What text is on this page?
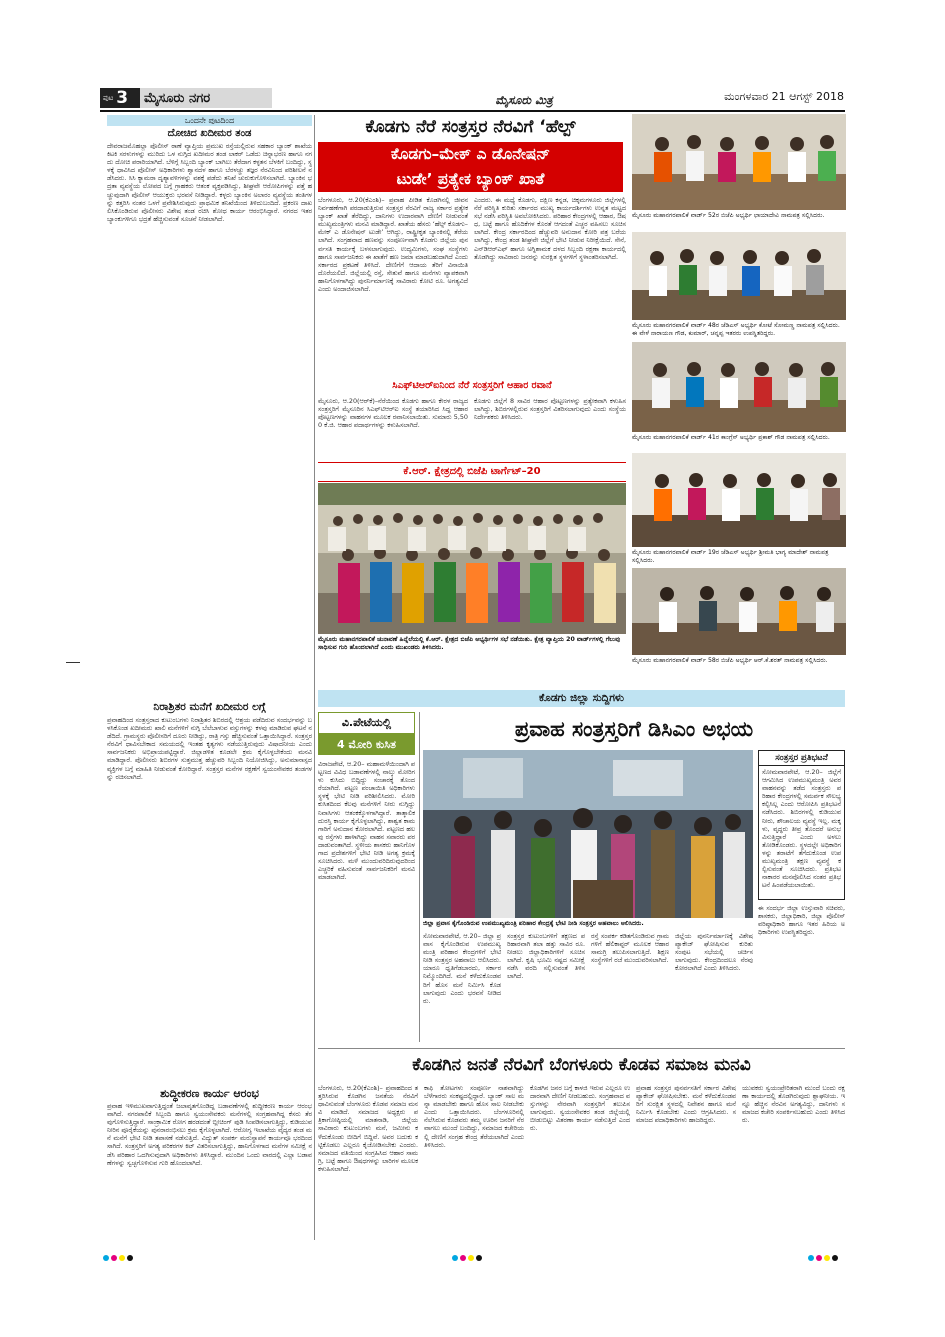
ಪುಟ 3 ಮೈಸೂರು ನಗರ	ಮೈಸೂರು ಮಿತ್ರ	ಮಂಗಳವಾರ 21 ಆಗಸ್ಟ್ 2018
ಒಂದನೇ ಪುಟದಿಂದ
ದೋಚಿದ ಖದೀಮರ ತಂಡ
ದೇವರಾಜಮೊಹಲ್ಲಾ ಪೊಲೀಸ್ ಠಾಣೆ ವ್ಯಾಪ್ತಿಯ ಪ್ರಮುಖ ರಸ್ತೆಯಲ್ಲಿರುವ ಸಹಕಾರ ಬ್ಯಾಂಕ್ ಶಾಖೆಯ ಕಿಟಕಿ ಸರಳುಗಳನ್ನು ಮುರಿದು ಒಳ ನುಗ್ಗಿದ ಖದೀಮರ ತಂಡ ಲಾಕರ್ ಒಡೆದು ಚಿನ್ನಾಭರಣ ಹಾಗೂ ನಗದು ದೋಚಿ ಪರಾರಿಯಾಗಿದೆ. ಬೆಳಿಗ್ಗೆ ಸಿಬ್ಬಂದಿ ಬ್ಯಾಂಕ್ ಬಾಗಿಲು ತೆರೆದಾಗ ಕಳ್ಳತನ ಬೆಳಕಿಗೆ ಬಂದಿದ್ದು, ಸ್ಥಳಕ್ಕೆ ಧಾವಿಸಿದ ಪೊಲೀಸ್ ಅಧಿಕಾರಿಗಳು ಶ್ವಾನದಳ ಹಾಗೂ ಬೆರಳಚ್ಚು ತಜ್ಞರ ನೆರವಿನಿಂದ ಪರಿಶೀಲನೆ ನಡೆಸಿದರು. ಸಿಸಿ ಕ್ಯಾಮರಾ ದೃಶ್ಯಾವಳಿಗಳನ್ನು ವಶಕ್ಕೆ ಪಡೆದು ತನಿಖೆ ಚುರುಕುಗೊಳಿಸಲಾಗಿದೆ. ಬ್ಯಾಂಕಿನ ಭದ್ರತಾ ವ್ಯವಸ್ಥೆಯ ಲೋಪದ ಬಗ್ಗೆ ಗ್ರಾಹಕರು ಆತಂಕ ವ್ಯಕ್ತಪಡಿಸಿದ್ದು, ಶೀಘ್ರವೇ ಆರೋಪಿಗಳನ್ನು ಪತ್ತೆ ಹಚ್ಚುವುದಾಗಿ ಪೊಲೀಸ್ ಆಯುಕ್ತರು ಭರವಸೆ ನೀಡಿದ್ದಾರೆ. ಕಳ್ಳರು ಬ್ಯಾಂಕಿನ ಅಲಾರಂ ವ್ಯವಸ್ಥೆಯ ತಂತಿಗಳನ್ನು ಕತ್ತರಿಸಿ ನಂತರ ಒಳಗೆ ಪ್ರವೇಶಿಸಿರುವುದು ಪ್ರಾಥಮಿಕ ತನಿಖೆಯಿಂದ ತಿಳಿದುಬಂದಿದೆ. ಪ್ರಕರಣ ದಾಖಲಿಸಿಕೊಂಡಿರುವ ಪೊಲೀಸರು ವಿಶೇಷ ತಂಡ ರಚಿಸಿ ಶೋಧ ಕಾರ್ಯ ಆರಂಭಿಸಿದ್ದಾರೆ. ನಗರದ ಇತರ ಬ್ಯಾಂಕುಗಳಿಗೂ ಭದ್ರತೆ ಹೆಚ್ಚಿಸುವಂತೆ ಸೂಚನೆ ನೀಡಲಾಗಿದೆ.
ನಿರಾಶ್ರಿತರ ಮನೆಗೆ ಖದೀಮರ ಲಗ್ಗೆ
ಪ್ರವಾಹದಿಂದ ಸಂತ್ರಸ್ತರಾದ ಕುಟುಂಬಗಳು ನಿರಾಶ್ರಿತರ ಶಿಬಿರದಲ್ಲಿ ಆಶ್ರಯ ಪಡೆದಿರುವ ಸಂದರ್ಭವನ್ನು ಬಳಸಿಕೊಂಡ ಖದೀಮರು ಖಾಲಿ ಮನೆಗಳಿಗೆ ನುಗ್ಗಿ ಬೆಲೆಬಾಳುವ ವಸ್ತುಗಳನ್ನು ಕಳವು ಮಾಡಿರುವ ಘಟನೆ ನಡೆದಿದೆ. ಗ್ರಾಮಸ್ಥರು ಪೊಲೀಸರಿಗೆ ದೂರು ನೀಡಿದ್ದು, ರಾತ್ರಿ ಗಸ್ತು ಹೆಚ್ಚಿಸುವಂತೆ ಒತ್ತಾಯಿಸಿದ್ದಾರೆ. ಸಂತ್ರಸ್ತರ ನೆರವಿಗೆ ಧಾವಿಸಬೇಕಾದ ಸಮಯದಲ್ಲಿ ಇಂತಹ ಕೃತ್ಯಗಳು ನಡೆಯುತ್ತಿರುವುದು ವಿಷಾದನೀಯ ಎಂದು ಸಾರ್ವಜನಿಕರು ಅಭಿಪ್ರಾಯಪಟ್ಟಿದ್ದಾರೆ. ಜಿಲ್ಲಾಡಳಿತ ಕೂಡಲೇ ಕ್ರಮ ಕೈಗೊಳ್ಳಬೇಕೆಂದು ಮನವಿ ಮಾಡಿದ್ದಾರೆ. ಪೊಲೀಸರು ಶಿಬಿರಗಳ ಸುತ್ತಮುತ್ತ ಹೆಚ್ಚುವರಿ ಸಿಬ್ಬಂದಿ ನಿಯೋಜಿಸಿದ್ದು, ಅನುಮಾನಾಸ್ಪದ ವ್ಯಕ್ತಿಗಳ ಬಗ್ಗೆ ಮಾಹಿತಿ ನೀಡುವಂತೆ ಕೋರಿದ್ದಾರೆ. ಸಂತ್ರಸ್ತರ ಮನೆಗಳ ರಕ್ಷಣೆಗೆ ಸ್ವಯಂಸೇವಕರ ತಂಡಗಳನ್ನು ರಚಿಸಲಾಗಿದೆ.
ಶುದ್ಧೀಕರಣ ಕಾರ್ಯ ಆರಂಭ
ಪ್ರವಾಹ ಇಳಿಮುಖವಾಗುತ್ತಿದ್ದಂತೆ ಜಲಾವೃತಗೊಂಡಿದ್ದ ಬಡಾವಣೆಗಳಲ್ಲಿ ಶುದ್ಧೀಕರಣ ಕಾರ್ಯ ಆರಂಭವಾಗಿದೆ. ನಗರಪಾಲಿಕೆ ಸಿಬ್ಬಂದಿ ಹಾಗೂ ಸ್ವಯಂಸೇವಕರು ಮನೆಗಳಲ್ಲಿ ಸಂಗ್ರಹವಾಗಿದ್ದ ಕೆಸರು ತೆರವುಗೊಳಿಸುತ್ತಿದ್ದಾರೆ. ಸಾಂಕ್ರಾಮಿಕ ರೋಗ ಹರಡದಂತೆ ಬ್ಲೀಚಿಂಗ್ ಪುಡಿ ಸಿಂಪಡಿಸಲಾಗುತ್ತಿದ್ದು, ಕುಡಿಯುವ ನೀರಿನ ಪೂರೈಕೆಯನ್ನು ಪುನರಾರಂಭಿಸಲು ಕ್ರಮ ಕೈಗೊಳ್ಳಲಾಗಿದೆ. ಆರೋಗ್ಯ ಇಲಾಖೆಯ ವೈದ್ಯರ ತಂಡ ಮನೆ ಮನೆಗೆ ಭೇಟಿ ನೀಡಿ ತಪಾಸಣೆ ನಡೆಸುತ್ತಿದೆ. ವಿದ್ಯುತ್ ಸಂಪರ್ಕ ಮರುಸ್ಥಾಪನೆ ಕಾರ್ಯವೂ ಭರದಿಂದ ಸಾಗಿದೆ. ಸಂತ್ರಸ್ತರಿಗೆ ಅಗತ್ಯ ಪರಿಕರಗಳ ಕಿಟ್ ವಿತರಿಸಲಾಗುತ್ತಿದ್ದು, ಹಾನಿಗೊಳಗಾದ ಮನೆಗಳ ಸಮೀಕ್ಷೆ ನಡೆಸಿ ಪರಿಹಾರ ಒದಗಿಸುವುದಾಗಿ ಅಧಿಕಾರಿಗಳು ತಿಳಿಸಿದ್ದಾರೆ. ಮುಂದಿನ ಒಂದು ವಾರದಲ್ಲಿ ಎಲ್ಲಾ ಬಡಾವಣೆಗಳನ್ನು ಸ್ವಚ್ಛಗೊಳಿಸುವ ಗುರಿ ಹೊಂದಲಾಗಿದೆ.
ಕೊಡಗು ನೆರೆ ಸಂತ್ರಸ್ತರ ನೆರವಿಗೆ ‘ಹೆಲ್ಪ್
ಕೊಡಗು–ಮೇಕ್ ಎ ಡೊನೇಷನ್
ಟುಡೇ’ ಪ್ರತ್ಯೇಕ ಬ್ಯಾಂಕ್ ಖಾತೆ
ಬೆಂಗಳೂರು, ಆ.20(ಕೆಎಂಶಿ)– ಪ್ರವಾಹ ಪೀಡಿತ ಕೊಡಗಿನಲ್ಲಿ ಜೀವನ ನಿರ್ವಹಣೆಗಾಗಿ ಪರದಾಡುತ್ತಿರುವ ಸಂತ್ರಸ್ತರ ನೆರವಿಗೆ ರಾಜ್ಯ ಸರ್ಕಾರ ಪ್ರತ್ಯೇಕ ಬ್ಯಾಂಕ್ ಖಾತೆ ತೆರೆದಿದ್ದು, ದಾನಿಗಳು ಉದಾರವಾಗಿ ದೇಣಿಗೆ ನೀಡುವಂತೆ ಮುಖ್ಯಮಂತ್ರಿಗಳು ಮನವಿ ಮಾಡಿದ್ದಾರೆ. ಖಾತೆಯ ಹೆಸರು ‘ಹೆಲ್ಪ್ ಕೊಡಗು–ಮೇಕ್ ಎ ಡೊನೇಷನ್ ಟುಡೇ’ ಆಗಿದ್ದು, ರಾಷ್ಟ್ರೀಕೃತ ಬ್ಯಾಂಕಿನಲ್ಲಿ ತೆರೆಯಲಾಗಿದೆ. ಸಂಗ್ರಹವಾದ ಹಣವನ್ನು ಸಂಪೂರ್ಣವಾಗಿ ಕೊಡಗು ಜಿಲ್ಲೆಯ ಪುನರ್ವಸತಿ ಕಾರ್ಯಕ್ಕೆ ಬಳಸಲಾಗುವುದು. ಉದ್ಯಮಿಗಳು, ಸಂಘ ಸಂಸ್ಥೆಗಳು ಹಾಗೂ ಸಾರ್ವಜನಿಕರು ಈ ಖಾತೆಗೆ ಹಣ ಜಮಾ ಮಾಡಬಹುದಾಗಿದೆ ಎಂದು ಸರ್ಕಾರದ ಪ್ರಕಟಣೆ ತಿಳಿಸಿದೆ. ದೇಣಿಗೆಗೆ ಆದಾಯ ತೆರಿಗೆ ವಿನಾಯಿತಿ ದೊರೆಯಲಿದೆ. ಜಿಲ್ಲೆಯಲ್ಲಿ ರಸ್ತೆ, ಸೇತುವೆ ಹಾಗೂ ಮನೆಗಳು ವ್ಯಾಪಕವಾಗಿ ಹಾನಿಗೊಳಗಾಗಿದ್ದು ಪುನರ್ನಿರ್ಮಾಣಕ್ಕೆ ಸಾವಿರಾರು ಕೋಟಿ ರೂ. ಅಗತ್ಯವಿದೆ ಎಂದು ಅಂದಾಜಿಸಲಾಗಿದೆ.
ಎಂದರು. ಈ ಮಧ್ಯೆ ಕೊಡಗು, ದಕ್ಷಿಣ ಕನ್ನಡ, ಚಿಕ್ಕಮಗಳೂರು ಜಿಲ್ಲೆಗಳಲ್ಲಿ ನೆರೆ ಪರಿಸ್ಥಿತಿ ಕುರಿತು ಸರ್ಕಾರದ ಮುಖ್ಯ ಕಾರ್ಯದರ್ಶಿಗಳು ಉನ್ನತ ಮಟ್ಟದ ಸಭೆ ನಡೆಸಿ ಪರಿಸ್ಥಿತಿ ಅವಲೋಕಿಸಿದರು. ಪರಿಹಾರ ಕೇಂದ್ರಗಳಲ್ಲಿ ಆಹಾರ, ಔಷಧ, ಬಟ್ಟೆ ಹಾಗೂ ಹೊದಿಕೆಗಳ ಕೊರತೆ ಆಗದಂತೆ ಎಚ್ಚರ ವಹಿಸಲು ಸೂಚಿಸಲಾಗಿದೆ. ಕೇಂದ್ರ ಸರ್ಕಾರದಿಂದ ಹೆಚ್ಚುವರಿ ಅನುದಾನ ಕೋರಿ ಪತ್ರ ಬರೆಯಲಾಗಿದ್ದು, ಕೇಂದ್ರ ತಂಡ ಶೀಘ್ರವೇ ಜಿಲ್ಲೆಗೆ ಭೇಟಿ ನೀಡುವ ನಿರೀಕ್ಷೆಯಿದೆ. ಸೇನೆ, ಎನ್‌ಡಿಆರ್‌ಎಫ್ ಹಾಗೂ ಅಗ್ನಿಶಾಮಕ ದಳದ ಸಿಬ್ಬಂದಿ ರಕ್ಷಣಾ ಕಾರ್ಯದಲ್ಲಿ ತೊಡಗಿದ್ದು ಸಾವಿರಾರು ಜನರನ್ನು ಸುರಕ್ಷಿತ ಸ್ಥಳಗಳಿಗೆ ಸ್ಥಳಾಂತರಿಸಲಾಗಿದೆ.
ಸಿಎಫ್‌ಟಿಆರ್‌ಐನಿಂದ ನೆರೆ ಸಂತ್ರಸ್ತರಿಗೆ ಆಹಾರ ರವಾನೆ
ಮೈಸೂರು, ಆ.20(ಆರ್‌ಕೆ)–ನೆರೆಯಿಂದ ಕೊಡಗು ಹಾಗೂ ಕೇರಳ ರಾಜ್ಯದ ಸಂತ್ರಸ್ತರಿಗೆ ಮೈಸೂರಿನ ಸಿಎಫ್‌ಟಿಆರ್‌ಐ ಸಂಸ್ಥೆ ತಯಾರಿಸಿದ ಸಿದ್ಧ ಆಹಾರ ಪೊಟ್ಟಣಗಳನ್ನು ವಾಹನಗಳ ಮೂಲಕ ರವಾನಿಸಲಾಯಿತು. ಸುಮಾರು 5,500 ಕೆ.ಜಿ. ಆಹಾರ ಪದಾರ್ಥಗಳನ್ನು ಕಳುಹಿಸಲಾಗಿದೆ.
ಕೊಡಗು ಜಿಲ್ಲೆಗೆ 8 ಸಾವಿರ ಆಹಾರ ಪೊಟ್ಟಣಗಳನ್ನು ಪ್ರತ್ಯೇಕವಾಗಿ ಕಳುಹಿಸಲಾಗಿದ್ದು, ಶಿಬಿರಗಳಲ್ಲಿರುವ ಸಂತ್ರಸ್ತರಿಗೆ ವಿತರಿಸಲಾಗುವುದು ಎಂದು ಸಂಸ್ಥೆಯ ನಿರ್ದೇಶಕರು ತಿಳಿಸಿದರು.
ಕೆ.ಆರ್. ಕ್ಷೇತ್ರದಲ್ಲಿ ಬಿಜೆಪಿ ಟಾರ್ಗೆಟ್–20
ಮೈಸೂರು ಮಹಾನಗರಪಾಲಿಕೆ ಚುನಾವಣೆ ಹಿನ್ನೆಲೆಯಲ್ಲಿ ಕೆ.ಆರ್. ಕ್ಷೇತ್ರದ ಬಿಜೆಪಿ ಅಭ್ಯರ್ಥಿಗಳ ಸಭೆ ನಡೆಯಿತು. ಕ್ಷೇತ್ರ ವ್ಯಾಪ್ತಿಯ 20 ವಾರ್ಡ್‌ಗಳಲ್ಲಿ ಗೆಲುವು ಸಾಧಿಸುವ ಗುರಿ ಹೊಂದಲಾಗಿದೆ ಎಂದು ಮುಖಂಡರು ತಿಳಿಸಿದರು.
ಮೈಸೂರು ಮಹಾನಗರಪಾಲಿಕೆ ವಾರ್ಡ್ 52ರ ಬಿಜೆಪಿ ಅಭ್ಯರ್ಥಿ ಛಾಯಾದೇವಿ ನಾಮಪತ್ರ ಸಲ್ಲಿಸಿದರು.
ಮೈಸೂರು ಮಹಾನಗರಪಾಲಿಕೆ ವಾರ್ಡ್ 48ರ ಜೆಡಿಎಸ್ ಅಭ್ಯರ್ಥಿ ಕೋಟೆ ಸೋಮಣ್ಣ ನಾಮಪತ್ರ ಸಲ್ಲಿಸಿದರು. ಈ ವೇಳೆ ನಾರಾಯಣ ಗೌಡ, ಕುಮಾರ್, ಚನ್ನಪ್ಪ ಇತರರು ಉಪಸ್ಥಿತರಿದ್ದರು.
ಮೈಸೂರು ಮಹಾನಗರಪಾಲಿಕೆ ವಾರ್ಡ್ 41ರ ಕಾಂಗ್ರೆಸ್ ಅಭ್ಯರ್ಥಿ ಪ್ರಕಾಶ್ ಗೌಡ ನಾಮಪತ್ರ ಸಲ್ಲಿಸಿದರು.
ಮೈಸೂರು ಮಹಾನಗರಪಾಲಿಕೆ ವಾರ್ಡ್ 19ರ ಜೆಡಿಎಸ್ ಅಭ್ಯರ್ಥಿ ಶ್ರೀಮತಿ ಭಾಗ್ಯ ಮಾದೇಶ್ ನಾಮಪತ್ರ ಸಲ್ಲಿಸಿದರು.
ಮೈಸೂರು ಮಹಾನಗರಪಾಲಿಕೆ ವಾರ್ಡ್ 58ರ ಬಿಜೆಪಿ ಅಭ್ಯರ್ಥಿ ಆರ್.ಕೆ.ಶರತ್ ನಾಮಪತ್ರ ಸಲ್ಲಿಸಿದರು.
ಕೊಡಗು ಜಿಲ್ಲಾ ಸುದ್ದಿಗಳು
ವಿ.ಪೇಟೆಯಲ್ಲಿ
4 ಮೋರಿ ಕುಸಿತ
ವಿರಾಜಪೇಟೆ, ಆ.20– ಮಹಾಮಳೆಯಿಂದಾಗಿ ಪಟ್ಟಣದ ವಿವಿಧ ಬಡಾವಣೆಗಳಲ್ಲಿ ನಾಲ್ಕು ಮೋರಿಗಳು ಕುಸಿದು ಬಿದ್ದಿದ್ದು ಸಂಚಾರಕ್ಕೆ ತೊಂದರೆಯಾಗಿದೆ. ಪಟ್ಟಣ ಪಂಚಾಯಿತಿ ಅಧಿಕಾರಿಗಳು ಸ್ಥಳಕ್ಕೆ ಭೇಟಿ ನೀಡಿ ಪರಿಶೀಲಿಸಿದರು. ಮೋರಿ ಕುಸಿತದಿಂದ ಕೆಲವು ಮನೆಗಳಿಗೆ ನೀರು ನುಗ್ಗಿದ್ದು ನಿವಾಸಿಗಳು ಆತಂಕಕ್ಕೊಳಗಾಗಿದ್ದಾರೆ. ತಾತ್ಕಾಲಿಕ ದುರಸ್ತಿ ಕಾರ್ಯ ಕೈಗೊಳ್ಳಲಾಗಿದ್ದು, ಶಾಶ್ವತ ಕಾಮಗಾರಿಗೆ ಅನುದಾನ ಕೋರಲಾಗಿದೆ. ಪಟ್ಟಣದ ಹಲವು ರಸ್ತೆಗಳು ಹಾಳಾಗಿದ್ದು ವಾಹನ ಸವಾರರು ಪರದಾಡುವಂತಾಗಿದೆ. ಸ್ಥಳೀಯ ಶಾಸಕರು ಹಾನಿಗೊಳಗಾದ ಪ್ರದೇಶಗಳಿಗೆ ಭೇಟಿ ನೀಡಿ ಅಗತ್ಯ ಕ್ರಮಕ್ಕೆ ಸೂಚಿಸಿದರು. ಮಳೆ ಮುಂದುವರಿದಿರುವುದರಿಂದ ಎಚ್ಚರಿಕೆ ವಹಿಸುವಂತೆ ಸಾರ್ವಜನಿಕರಿಗೆ ಮನವಿ ಮಾಡಲಾಗಿದೆ.
ಪ್ರವಾಹ ಸಂತ್ರಸ್ತರಿಗೆ ಡಿಸಿಎಂ ಅಭಯ
ಜಿಲ್ಲಾ ಪ್ರವಾಸ ಕೈಗೊಂಡಿರುವ ಉಪಮುಖ್ಯಮಂತ್ರಿ ಪರಿಹಾರ ಕೇಂದ್ರಕ್ಕೆ ಭೇಟಿ ನೀಡಿ ಸಂತ್ರಸ್ತರ ಅಹವಾಲು ಆಲಿಸಿದರು.
ಸೋಮವಾರಪೇಟೆ, ಆ.20– ಜಿಲ್ಲಾ ಪ್ರವಾಸ ಕೈಗೊಂಡಿರುವ ಉಪಮುಖ್ಯಮಂತ್ರಿ ಪರಿಹಾರ ಕೇಂದ್ರಗಳಿಗೆ ಭೇಟಿ ನೀಡಿ ಸಂತ್ರಸ್ತರ ಅಹವಾಲು ಆಲಿಸಿದರು. ಯಾರೂ ಧೃತಿಗೆಡಬಾರದು, ಸರ್ಕಾರ ನಿಮ್ಮೊಂದಿಗಿದೆ. ಮನೆ ಕಳೆದುಕೊಂಡವರಿಗೆ ಹೊಸ ಮನೆ ನಿರ್ಮಿಸಿ ಕೊಡಲಾಗುವುದು ಎಂದು ಭರವಸೆ ನೀಡಿದರು.
ಸಂತ್ರಸ್ತರ ಕುಟುಂಬಗಳಿಗೆ ತಕ್ಷಣದ ಪರಿಹಾರವಾಗಿ ತಲಾ ಹತ್ತು ಸಾವಿರ ರೂ. ನೀಡಲು ಜಿಲ್ಲಾಧಿಕಾರಿಗಳಿಗೆ ಸೂಚಿಸಲಾಗಿದೆ. ಕೃಷಿ ಭೂಮಿ ನಷ್ಟದ ಸಮೀಕ್ಷೆ ನಡೆಸಿ ವರದಿ ಸಲ್ಲಿಸುವಂತೆ ತಿಳಿಸಲಾಗಿದೆ.
ರಸ್ತೆ ಸಂಪರ್ಕ ಕಡಿತಗೊಂಡಿರುವ ಗ್ರಾಮಗಳಿಗೆ ಹೆಲಿಕಾಪ್ಟರ್ ಮೂಲಕ ಆಹಾರ ಸಾಮಗ್ರಿ ತಲುಪಿಸಲಾಗುತ್ತಿದೆ. ಶಿಕ್ಷಣ ಸಂಸ್ಥೆಗಳಿಗೆ ರಜೆ ಮುಂದುವರಿಸಲಾಗಿದೆ.
ಜಿಲ್ಲೆಯ ಪುನರ್ನಿರ್ಮಾಣಕ್ಕೆ ವಿಶೇಷ ಪ್ಯಾಕೇಜ್ ಘೋಷಿಸುವ ಕುರಿತು ಸಂಪುಟ ಸಭೆಯಲ್ಲಿ ಚರ್ಚಿಸಲಾಗುವುದು. ಕೇಂದ್ರದಿಂದಲೂ ನೆರವು ಕೋರಲಾಗಿದೆ ಎಂದು ತಿಳಿಸಿದರು.
ಸಂತ್ರಸ್ತರ ಪ್ರತಿಭಟನೆ
ಸೋಮವಾರಪೇಟೆ, ಆ.20– ಜಿಲ್ಲೆಗೆ ಆಗಮಿಸಿದ ಉಪಮುಖ್ಯಮಂತ್ರಿ ಅವರ ವಾಹನವನ್ನು ತಡೆದ ಸಂತ್ರಸ್ತರು ಪರಿಹಾರ ಕೇಂದ್ರಗಳಲ್ಲಿ ಸಮರ್ಪಕ ಸೌಲಭ್ಯ ಕಲ್ಪಿಸಿಲ್ಲ ಎಂದು ಆರೋಪಿಸಿ ಪ್ರತಿಭಟನೆ ನಡೆಸಿದರು. ಶಿಬಿರಗಳಲ್ಲಿ ಕುಡಿಯುವ ನೀರು, ಶೌಚಾಲಯ ವ್ಯವಸ್ಥೆ ಇಲ್ಲ. ಮಕ್ಕಳು, ವೃದ್ಧರು ತೀವ್ರ ತೊಂದರೆ ಅನುಭವಿಸುತ್ತಿದ್ದಾರೆ ಎಂದು ಅಳಲು ತೋಡಿಕೊಂಡರು. ಸ್ಥಳದಲ್ಲೇ ಅಧಿಕಾರಿಗಳನ್ನು ತರಾಟೆಗೆ ತೆಗೆದುಕೊಂಡ ಉಪಮುಖ್ಯಮಂತ್ರಿ ತಕ್ಷಣ ವ್ಯವಸ್ಥೆ ಕಲ್ಪಿಸುವಂತೆ ಸೂಚಿಸಿದರು. ಪ್ರತಿಭಟನಾಕಾರರ ಮನವೊಲಿಸಿದ ನಂತರ ಪ್ರತಿಭಟನೆ ಹಿಂಪಡೆಯಲಾಯಿತು.
ಈ ಸಂದರ್ಭ ಜಿಲ್ಲಾ ಉಸ್ತುವಾರಿ ಸಚಿವರು, ಶಾಸಕರು, ಜಿಲ್ಲಾಧಿಕಾರಿ, ಜಿಲ್ಲಾ ಪೊಲೀಸ್ ವರಿಷ್ಠಾಧಿಕಾರಿ ಹಾಗೂ ಇತರ ಹಿರಿಯ ಅಧಿಕಾರಿಗಳು ಉಪಸ್ಥಿತರಿದ್ದರು.
ಕೊಡಗಿನ ಜನತೆ ನೆರವಿಗೆ ಬೆಂಗಳೂರು ಕೊಡವ ಸಮಾಜ ಮನವಿ
ಬೆಂಗಳೂರು, ಆ.20(ಕೆಎಂಶಿ)– ಪ್ರವಾಹದಿಂದ ತತ್ತರಿಸಿರುವ ಕೊಡಗಿನ ಜನತೆಯ ನೆರವಿಗೆ ಧಾವಿಸುವಂತೆ ಬೆಂಗಳೂರು ಕೊಡವ ಸಮಾಜ ಮನವಿ ಮಾಡಿದೆ. ಸಮಾಜದ ಅಧ್ಯಕ್ಷರು ಪತ್ರಿಕಾಗೋಷ್ಠಿಯಲ್ಲಿ ಮಾತನಾಡಿ, ಜಿಲ್ಲೆಯ ಸಾವಿರಾರು ಕುಟುಂಬಗಳು ಮನೆ, ಜಮೀನು ಕಳೆದುಕೊಂಡು ಬೀದಿಗೆ ಬಿದ್ದಿವೆ. ಅವರ ಬದುಕು ಕಟ್ಟಿಕೊಡಲು ಎಲ್ಲರೂ ಕೈಜೋಡಿಸಬೇಕು ಎಂದರು. ಸಮಾಜದ ವತಿಯಿಂದ ಸಂಗ್ರಹಿಸಿದ ಆಹಾರ ಸಾಮಗ್ರಿ, ಬಟ್ಟೆ ಹಾಗೂ ಔಷಧಗಳನ್ನು ಲಾರಿಗಳ ಮೂಲಕ ಕಳುಹಿಸಲಾಗಿದೆ.
ಕಾಫಿ ತೋಟಗಳು ಸಂಪೂರ್ಣ ನಾಶವಾಗಿದ್ದು ಬೆಳೆಗಾರರು ಸಂಕಷ್ಟದಲ್ಲಿದ್ದಾರೆ. ಬ್ಯಾಂಕ್ ಸಾಲ ಮನ್ನಾ ಮಾಡಬೇಕು ಹಾಗೂ ಹೊಸ ಸಾಲ ನೀಡಬೇಕು ಎಂದು ಒತ್ತಾಯಿಸಿದರು. ಬೆಂಗಳೂರಿನಲ್ಲಿ ನೆಲೆಸಿರುವ ಕೊಡವರು ತಮ್ಮ ಊರಿನ ಜನರಿಗೆ ನೆರವಾಗಲು ಮುಂದೆ ಬಂದಿದ್ದು, ಸಮಾಜದ ಕಚೇರಿಯಲ್ಲಿ ದೇಣಿಗೆ ಸಂಗ್ರಹ ಕೇಂದ್ರ ತೆರೆಯಲಾಗಿದೆ ಎಂದು ತಿಳಿಸಿದರು.
ಕೊಡಗಿನ ಜನರ ಬಗ್ಗೆ ಕಾಳಜಿ ಇರುವ ಎಲ್ಲರೂ ಉದಾರವಾಗಿ ದೇಣಿಗೆ ನೀಡಬಹುದು. ಸಂಗ್ರಹವಾದ ವಸ್ತುಗಳನ್ನು ನೇರವಾಗಿ ಸಂತ್ರಸ್ತರಿಗೆ ತಲುಪಿಸಲಾಗುವುದು. ಸ್ವಯಂಸೇವಕರ ತಂಡ ಜಿಲ್ಲೆಯಲ್ಲಿ ಬೀಡುಬಿಟ್ಟು ವಿತರಣಾ ಕಾರ್ಯ ನಡೆಸುತ್ತಿದೆ ಎಂದರು.
ಪ್ರವಾಹ ಸಂತ್ರಸ್ತರ ಪುನರ್ವಸತಿಗೆ ಸರ್ಕಾರ ವಿಶೇಷ ಪ್ಯಾಕೇಜ್ ಘೋಷಿಸಬೇಕು. ಮನೆ ಕಳೆದುಕೊಂಡವರಿಗೆ ಸುರಕ್ಷಿತ ಸ್ಥಳದಲ್ಲಿ ನಿವೇಶನ ಹಾಗೂ ಮನೆ ನಿರ್ಮಿಸಿ ಕೊಡಬೇಕು ಎಂದು ಆಗ್ರಹಿಸಿದರು. ಸಮಾಜದ ಪದಾಧಿಕಾರಿಗಳು ಹಾಜರಿದ್ದರು.
ಯುವಕರು ಸ್ವಯಂಪ್ರೇರಿತರಾಗಿ ಮುಂದೆ ಬಂದು ರಕ್ಷಣಾ ಕಾರ್ಯದಲ್ಲಿ ತೊಡಗಿರುವುದು ಶ್ಲಾಘನೀಯ. ಇನ್ನೂ ಹೆಚ್ಚಿನ ನೆರವಿನ ಅಗತ್ಯವಿದ್ದು, ದಾನಿಗಳು ಸಮಾಜದ ಕಚೇರಿ ಸಂಪರ್ಕಿಸಬಹುದು ಎಂದು ತಿಳಿಸಿದರು.
